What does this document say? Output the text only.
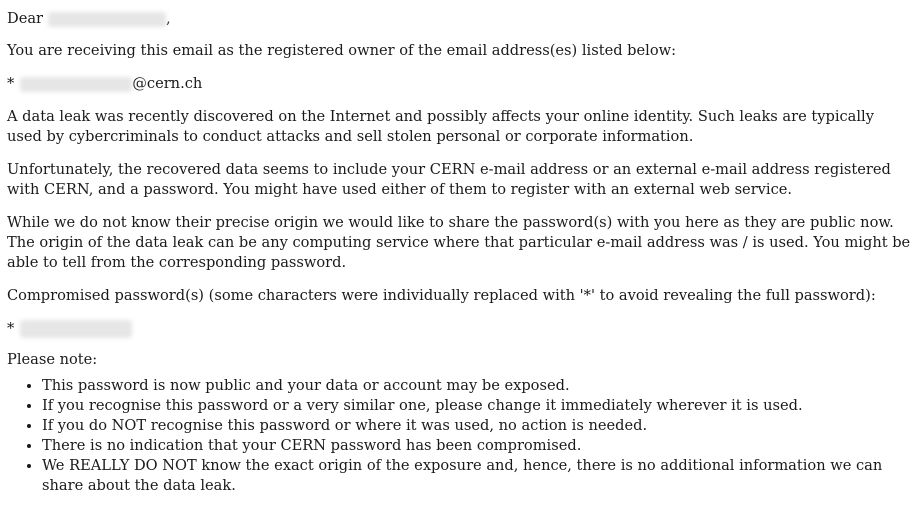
Dear	,

You are receiving this email as the registered owner of the email address(es) listed below:

*	@cern.ch

A data leak was recently discovered on the Internet and possibly affects your online identity. Such leaks are typically used by cybercriminals to conduct attacks and sell stolen personal or corporate information.

Unfortunately, the recovered data seems to include your CERN e-mail address or an external e-mail address registered with CERN, and a password. You might have used either of them to register with an external web service.

While we do not know their precise origin we would like to share the password(s) with you here as they are public now. The origin of the data leak can be any computing service where that particular e-mail address was / is used. You might be able to tell from the corresponding password.

Compromised password(s) (some characters were individually replaced with '*' to avoid revealing the full password):

*

Please note:

• This password is now public and your data or account may be exposed.
• If you recognise this password or a very similar one, please change it immediately wherever it is used.
• If you do NOT recognise this password or where it was used, no action is needed.
• There is no indication that your CERN password has been compromised.
• We REALLY DO NOT know the exact origin of the exposure and, hence, there is no additional information we can share about the data leak.
